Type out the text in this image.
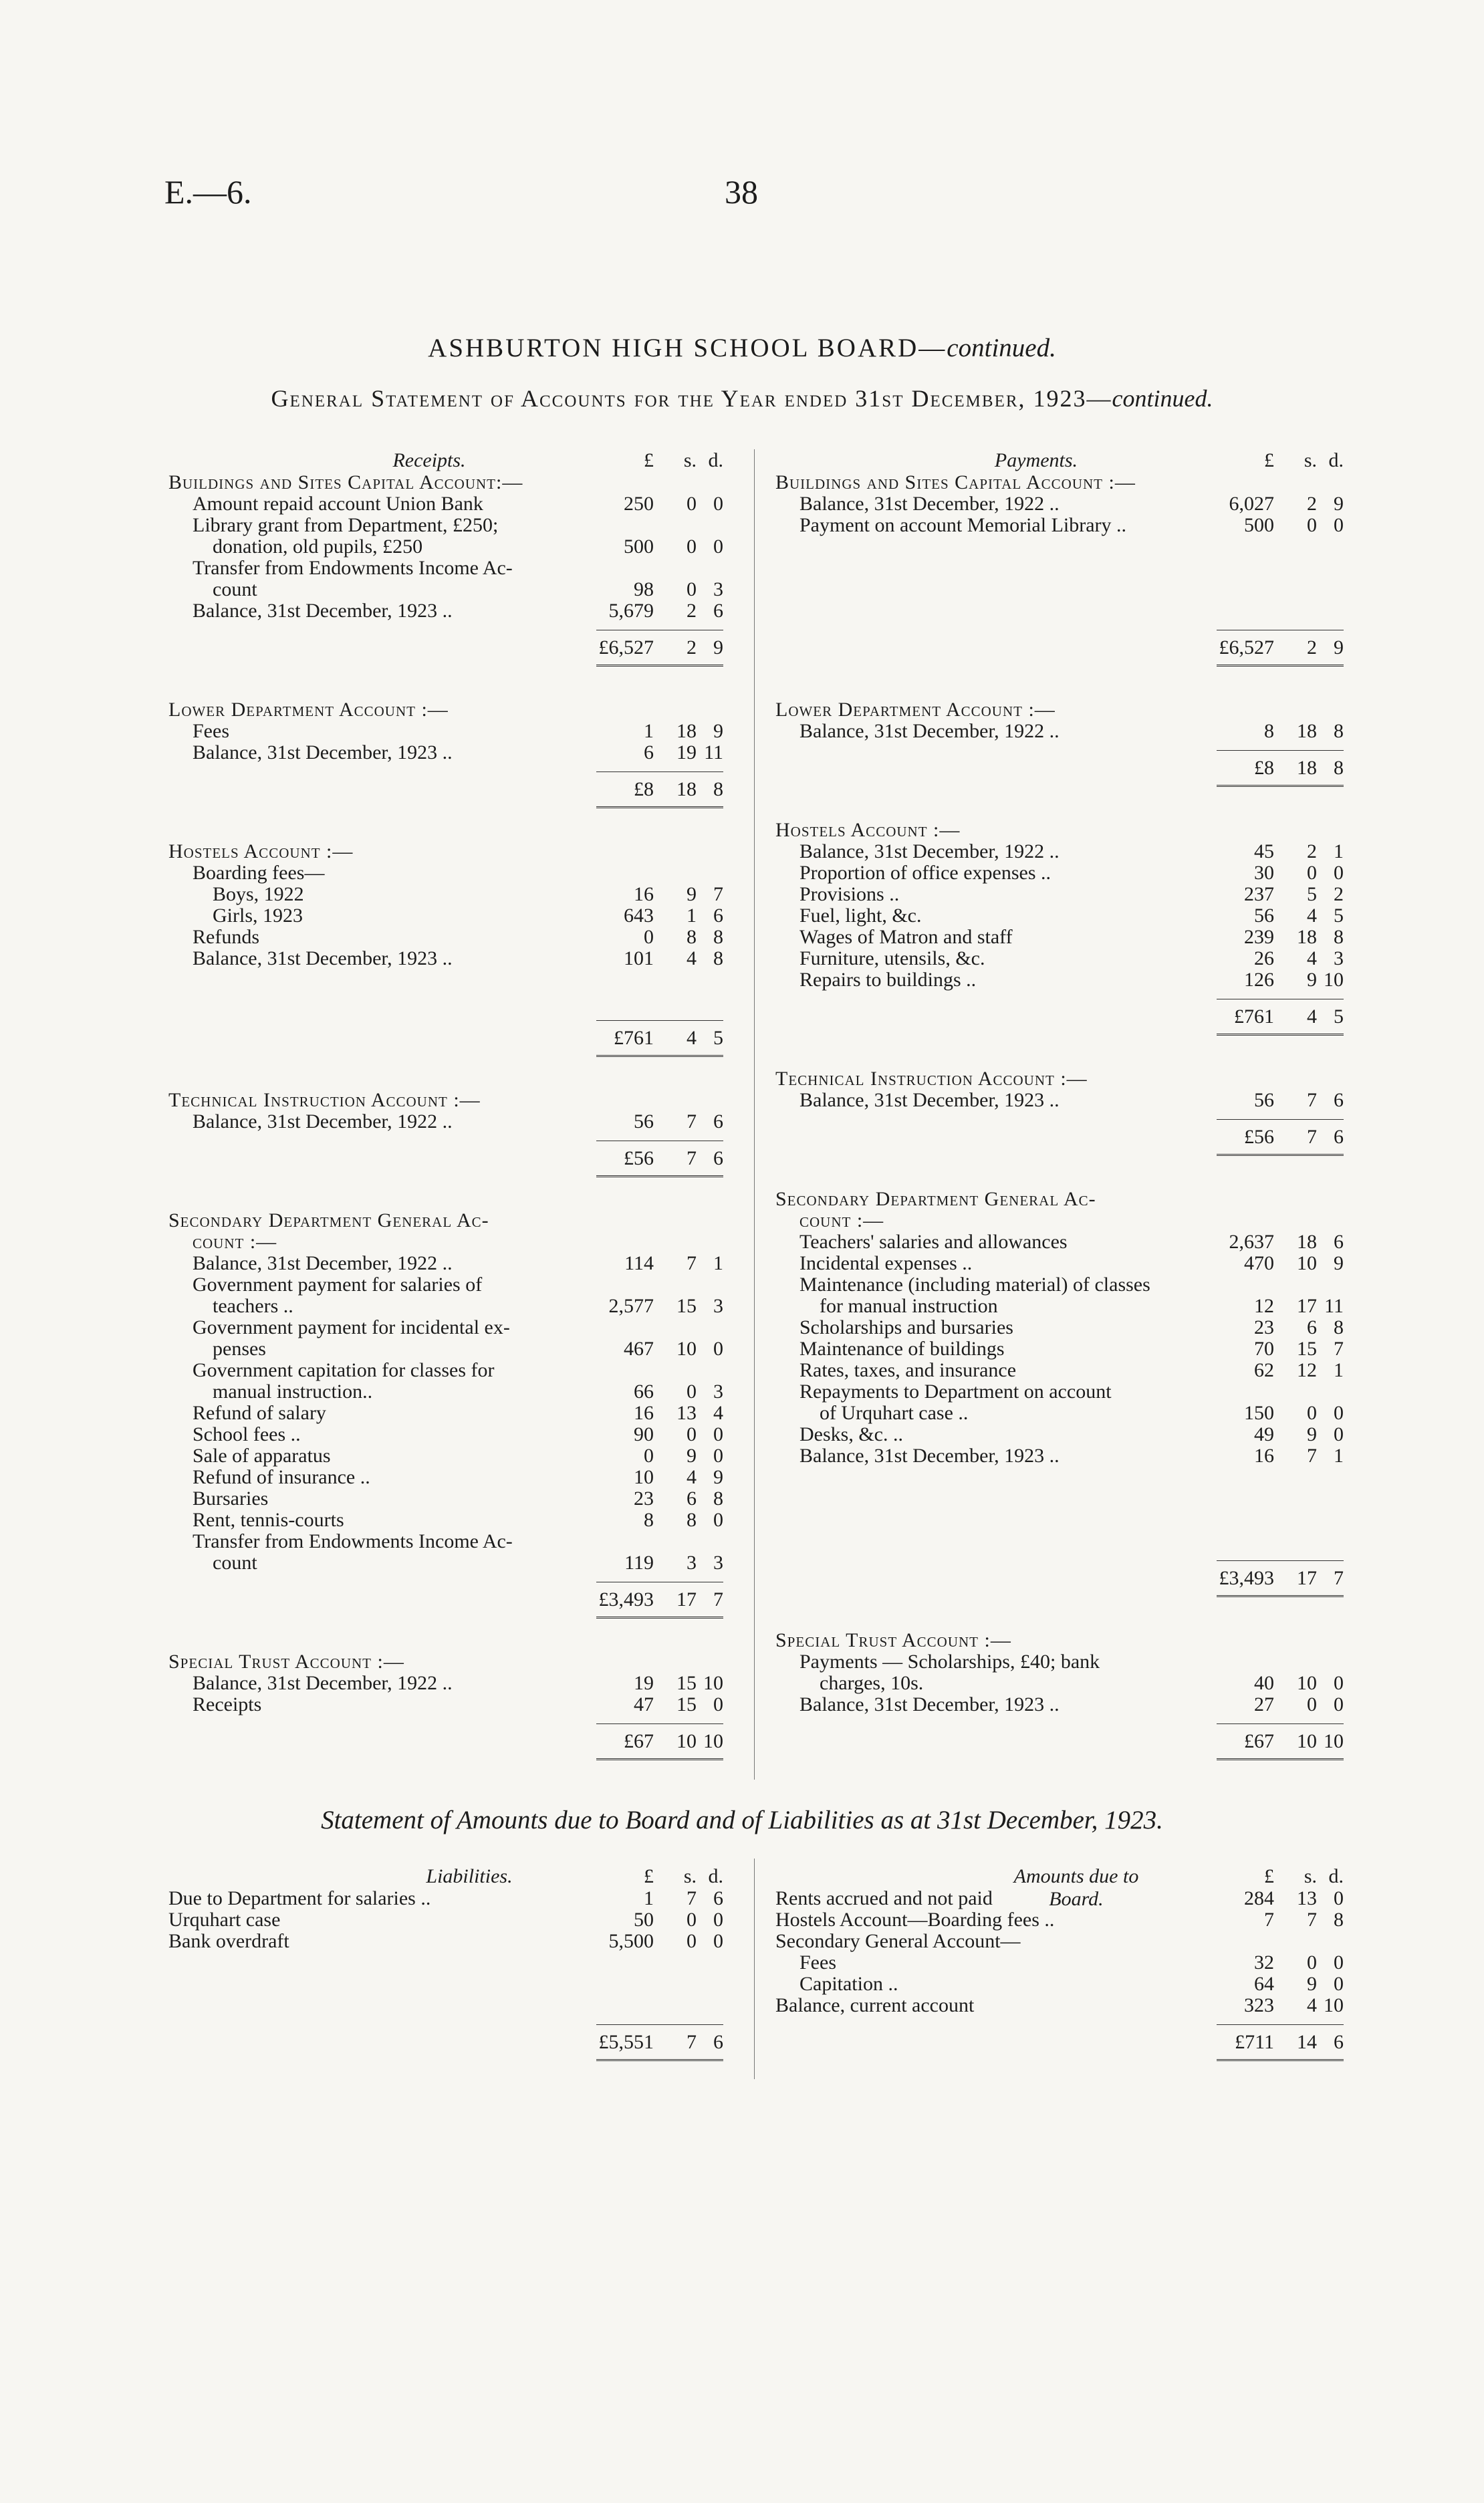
E.—6.	38
ASHBURTON HIGH SCHOOL BOARD—continued.
General Statement of Accounts for the Year ended 31st December, 1923—continued.
Receipts.	£	s. d.
Buildings and Sites Capital Account:—
Amount repaid account Union Bank	250	0 0
Library grant from Department, £250;
donation, old pupils, £250	500	0 0
Transfer from Endowments Income Ac-
count	98	0 3
Balance, 31st December, 1923 ..	5,679	2 6
£6,527	2 9
Lower Department Account :—
Fees	1	18 9
Balance, 31st December, 1923 ..	6	19 11
£8	18 8
Hostels Account :—
Boarding fees—
Boys, 1922	16	9 7
Girls, 1923	643	1 6
Refunds	0	8 8
Balance, 31st December, 1923 ..	101	4 8
£761	4 5
Technical Instruction Account :—
Balance, 31st December, 1922 ..	56	7 6
£56	7 6
Secondary Department General Ac-
count :—
Balance, 31st December, 1922 ..	114	7 1
Government payment for salaries of
teachers ..	2,577	15 3
Government payment for incidental ex-
penses	467	10 0
Government capitation for classes for
manual instruction..	66	0 3
Refund of salary	16	13 4
School fees ..	90	0 0
Sale of apparatus	0	9 0
Refund of insurance ..	10	4 9
Bursaries	23	6 8
Rent, tennis-courts	8	8 0
Transfer from Endowments Income Ac-
count	119	3 3
£3,493	17 7
Special Trust Account :—
Balance, 31st December, 1922 ..	19	15 10
Receipts	47	15 0
£67	10 10
Payments.	£	s. d.
Buildings and Sites Capital Account :—
Balance, 31st December, 1922 ..	6,027	2 9
Payment on account Memorial Library ..	500	0 0
£6,527	2 9
Lower Department Account :—
Balance, 31st December, 1922 ..	8	18 8
£8	18 8
Hostels Account :—
Balance, 31st December, 1922 ..	45	2 1
Proportion of office expenses ..	30	0 0
Provisions ..	237	5 2
Fuel, light, &c.	56	4 5
Wages of Matron and staff	239	18 8
Furniture, utensils, &c.	26	4 3
Repairs to buildings ..	126	9 10
£761	4 5
Technical Instruction Account :—
Balance, 31st December, 1923 ..	56	7 6
£56	7 6
Secondary Department General Ac-
count :—
Teachers' salaries and allowances	2,637	18 6
Incidental expenses ..	470	10 9
Maintenance (including material) of classes
for manual instruction	12	17 11
Scholarships and bursaries	23	6 8
Maintenance of buildings	70	15 7
Rates, taxes, and insurance	62	12 1
Repayments to Department on account
of Urquhart case ..	150	0 0
Desks, &c. ..	49	9 0
Balance, 31st December, 1923 ..	16	7 1
£3,493	17 7
Special Trust Account :—
Payments — Scholarships, £40; bank
charges, 10s.	40	10 0
Balance, 31st December, 1923 ..	27	0 0
£67	10 10
Statement of Amounts due to Board and of Liabilities as at 31st December, 1923.
Liabilities.	£	s. d.
Due to Department for salaries ..	1	7 6
Urquhart case	50	0 0
Bank overdraft	5,500	0 0
£5,551	7 6
Amounts due to Board.
£	s. d.
Rents accrued and not paid	284	13 0
Hostels Account—Boarding fees ..	7	7 8
Secondary General Account—
Fees	32	0 0
Capitation ..	64	9 0
Balance, current account	323	4 10
£711	14 6
